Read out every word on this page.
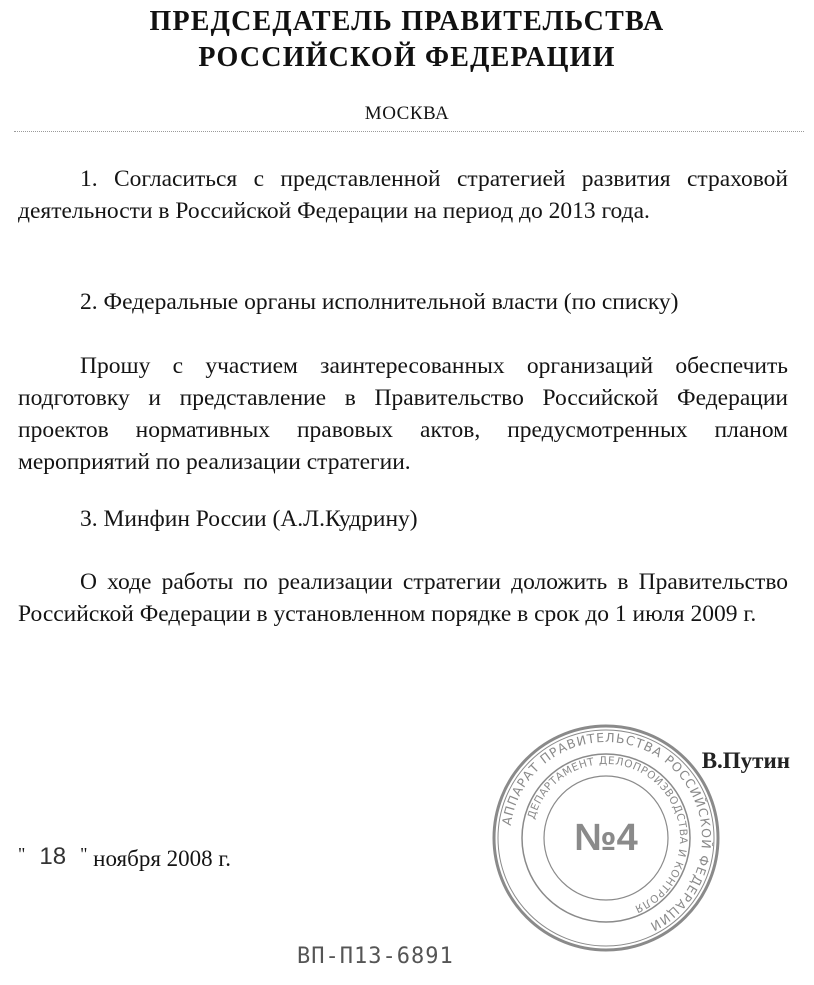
ПРЕДСЕДАТЕЛЬ ПРАВИТЕЛЬСТВА
РОССИЙСКОЙ ФЕДЕРАЦИИ
МОСКВА
1. Согласиться с представленной стратегией развития страховой деятельности в Российской Федерации на период до 2013 года.
2. Федеральные органы исполнительной власти (по списку)
Прошу с участием заинтересованных организаций обеспечить подготовку и представление в Правительство Российской Федерации проектов нормативных правовых актов, предусмотренных планом мероприятий по реализации стратегии.
3. Минфин России (А.Л.Кудрину)
О ходе работы по реализации стратегии доложить в Правительство Российской Федерации в установленном порядке в срок до 1 июля 2009 г.
АППАРАТ ПРАВИТЕЛЬСТВА РОССИЙСКОЙ ФЕДЕРАЦИИ
ДЕПАРТАМЕНТ ДЕЛОПРОИЗВОДСТВА И КОНТРОЛЯ
№4
В.Путин
" 18 " ноября 2008 г.
ВП-П13-6891
